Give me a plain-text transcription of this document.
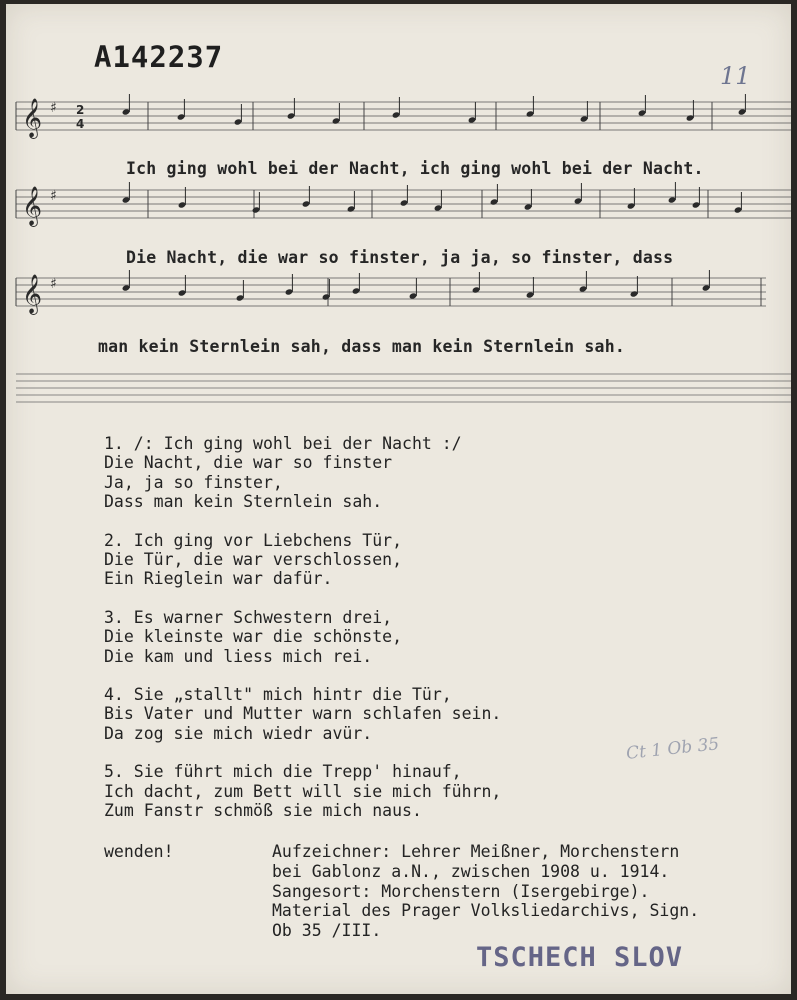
A142237
11
𝄞 ♯ 2
4
𝄞 ♯
𝄞 ♯
Ich ging wohl bei der Nacht, ich ging wohl bei der Nacht.
Die Nacht, die war so finster, ja ja, so finster, dass
man kein Sternlein sah, dass man kein Sternlein sah.
1. /: Ich ging wohl bei der Nacht :/
Die Nacht, die war so finster
Ja, ja so finster,
Dass man kein Sternlein sah.
2. Ich ging vor Liebchens Tür,
Die Tür, die war verschlossen,
Ein Rieglein war dafür.
3. Es warner Schwestern drei,
Die kleinste war die schönste,
Die kam und liess mich rei.
4. Sie „stallt" mich hintr die Tür,
Bis Vater und Mutter warn schlafen sein.
Da zog sie mich wiedr avür.
5. Sie führt mich die Trepp' hinauf,
Ich dacht, zum Bett will sie mich führn,
Zum Fanstr schmöß sie mich naus.
wenden!	Aufzeichner: Lehrer Meißner, Morchenstern
bei Gablonz a.N., zwischen 1908 u. 1914.
Sangesort: Morchenstern (Isergebirge).
Material des Prager Volksliedarchivs, Sign.
Ob 35 /III.
Ct 1 Ob 35
TSCHECH SLOV
